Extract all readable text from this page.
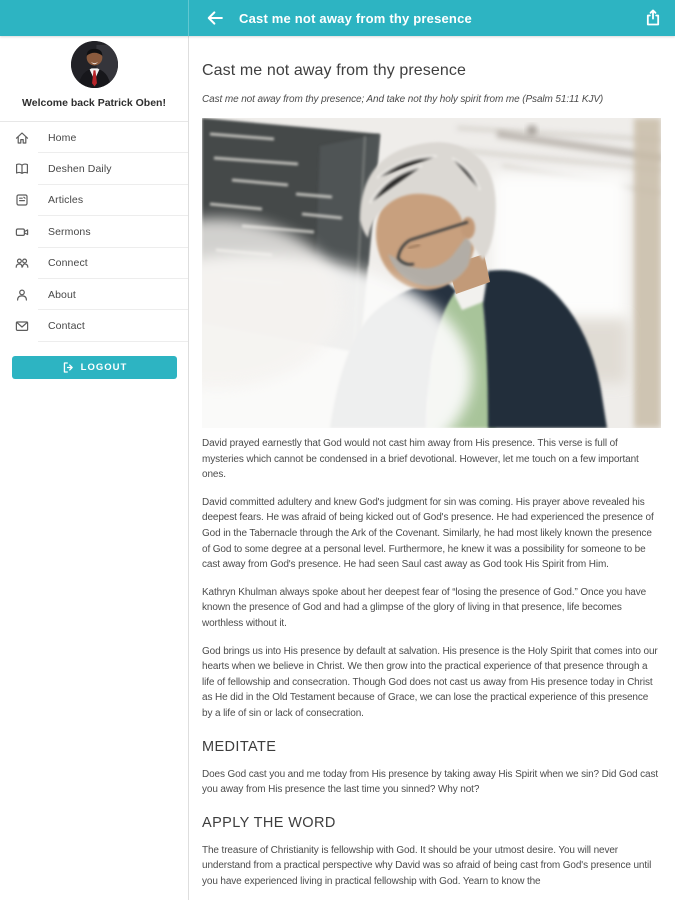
Cast me not away from thy presence
Welcome back Patrick Oben!
Home
Deshen Daily
Articles
Sermons
Connect
About
Contact
LOGOUT
Cast me not away from thy presence
Cast me not away from thy presence; And take not thy holy spirit from me (Psalm 51:11 KJV)

David prayed earnestly that God would not cast him away from His presence. This verse is full of mysteries which cannot be condensed in a brief devotional. However, let me touch on a few important ones.

David committed adultery and knew God's judgment for sin was coming. His prayer above revealed his deepest fears. He was afraid of being kicked out of God's presence. He had experienced the presence of God in the Tabernacle through the Ark of the Covenant. Similarly, he had most likely known the presence of God to some degree at a personal level. Furthermore, he knew it was a possibility for someone to be cast away from God's presence. He had seen Saul cast away as God took His Spirit from Him.

Kathryn Khulman always spoke about her deepest fear of “losing the presence of God.” Once you have known the presence of God and had a glimpse of the glory of living in that presence, life becomes worthless without it.

God brings us into His presence by default at salvation. His presence is the Holy Spirit that comes into our hearts when we believe in Christ. We then grow into the practical experience of that presence through a life of fellowship and consecration. Though God does not cast us away from His presence today in Christ as He did in the Old Testament because of Grace, we can lose the practical experience of this presence by a life of sin or lack of consecration.

MEDITATE

Does God cast you and me today from His presence by taking away His Spirit when we sin? Did God cast you away from His presence the last time you sinned? Why not?

APPLY THE WORD

The treasure of Christianity is fellowship with God. It should be your utmost desire. You will never understand from a practical perspective why David was so afraid of being cast from God's presence until you have experienced living in practical fellowship with God. Yearn to know the
